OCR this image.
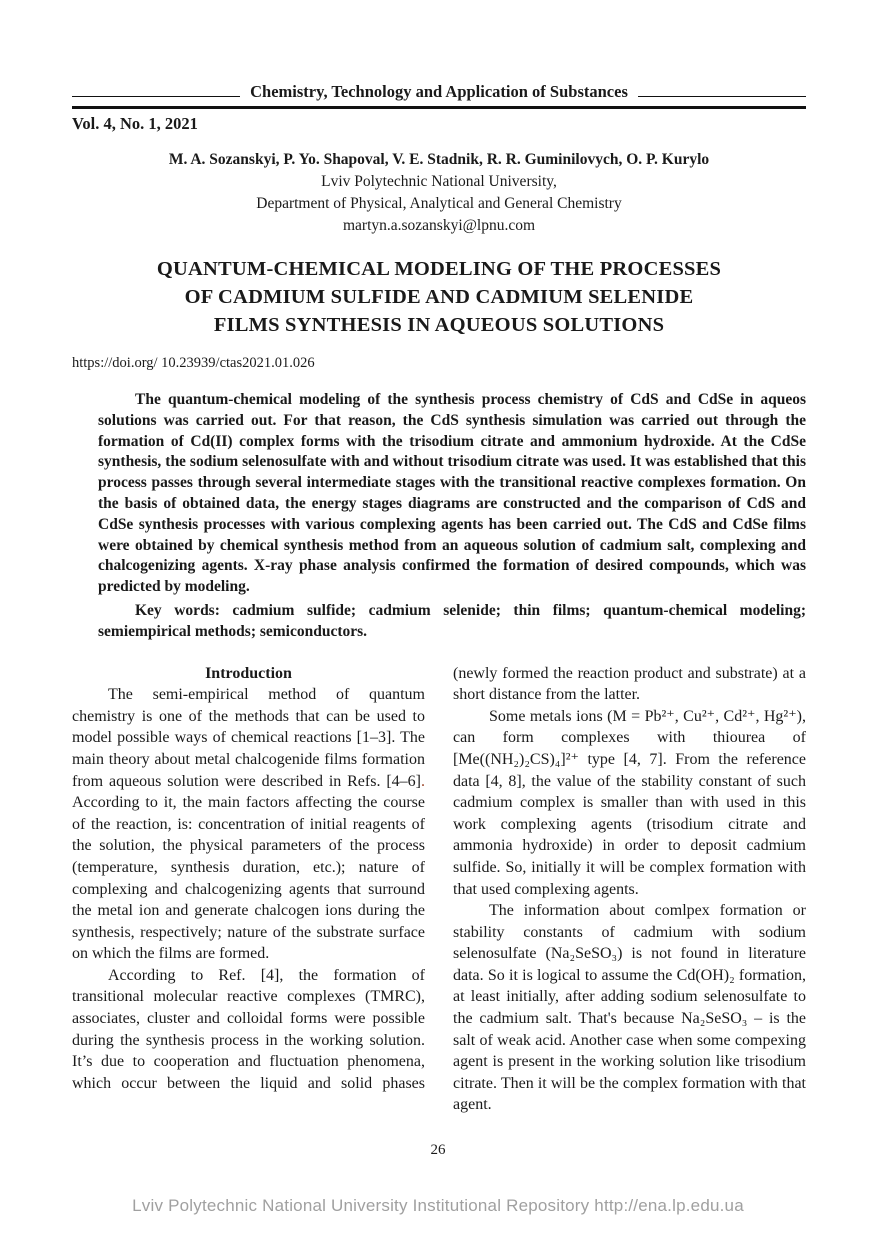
Chemistry, Technology and Application of Substances
Vol. 4, No. 1, 2021
M. A. Sozanskyi, P. Yo. Shapoval, V. E. Stadnik, R. R. Guminilovych, O. P. Kurylo
Lviv Polytechnic National University,
Department of Physical, Analytical and General Chemistry
martyn.a.sozanskyi@lpnu.com
QUANTUM-CHEMICAL MODELING OF THE PROCESSES
OF CADMIUM SULFIDE AND CADMIUM SELENIDE
FILMS SYNTHESIS IN AQUEOUS SOLUTIONS
https://doi.org/ 10.23939/ctas2021.01.026

The quantum-chemical modeling of the synthesis process chemistry of CdS and CdSe in aqueos solutions was carried out. For that reason, the CdS synthesis simulation was carried out through the formation of Cd(II) complex forms with the trisodium citrate and ammonium hydroxide. At the CdSe synthesis, the sodium selenosulfate with and without trisodium citrate was used. It was established that this process passes through several intermediate stages with the transitional reactive complexes formation. On the basis of obtained data, the energy stages diagrams are constructed and the comparison of CdS and CdSe synthesis processes with various complexing agents has been carried out. The CdS and CdSe films were obtained by chemical synthesis method from an aqueous solution of cadmium salt, complexing and chalcogenizing agents. X-ray phase analysis confirmed the formation of desired compounds, which was predicted by modeling.

Key words: cadmium sulfide; cadmium selenide; thin films; quantum-chemical modeling; semiempirical methods; semiconductors.

Introduction

The semi-empirical method of quantum chemistry is one of the methods that can be used to model possible ways of chemical reactions [1–3]. The main theory about metal chalcogenide films formation from aqueous solution were described in Refs. [4–6]. According to it, the main factors affecting the course of the reaction, is: concentration of initial reagents of the solution, the physical parameters of the process (temperature, synthesis duration, etc.); nature of complexing and chalcogenizing agents that surround the metal ion and generate chalcogen ions during the synthesis, respectively; nature of the substrate surface on which the films are formed.

According to Ref. [4], the formation of transitional molecular reactive complexes (TMRC), associates, cluster and colloidal forms were possible during the synthesis process in the working solution. It’s due to cooperation and fluctuation phenomena, which occur between the liquid and solid phases

(newly formed the reaction product and substrate) at a short distance from the latter.

Some metals ions (M = Pb²⁺, Cu²⁺, Cd²⁺, Hg²⁺), can form complexes with thiourea of [Me((NH₂)₂CS)₄]²⁺ type [4, 7]. From the reference data [4, 8], the value of the stability constant of such cadmium complex is smaller than with used in this work complexing agents (trisodium citrate and ammonia hydroxide) in order to deposit cadmium sulfide. So, initially it will be complex formation with that used complexing agents.

The information about comlpex formation or stability constants of cadmium with sodium selenosulfate (Na₂SeSO₃) is not found in literature data. So it is logical to assume the Cd(OH)₂ formation, at least initially, after adding sodium selenosulfate to the cadmium salt. That's because Na₂SeSO₃ – is the salt of weak acid. Another case when some compexing agent is present in the working solution like trisodium citrate. Then it will be the complex formation with that agent.

26
Lviv Polytechnic National University Institutional Repository http://ena.lp.edu.ua
